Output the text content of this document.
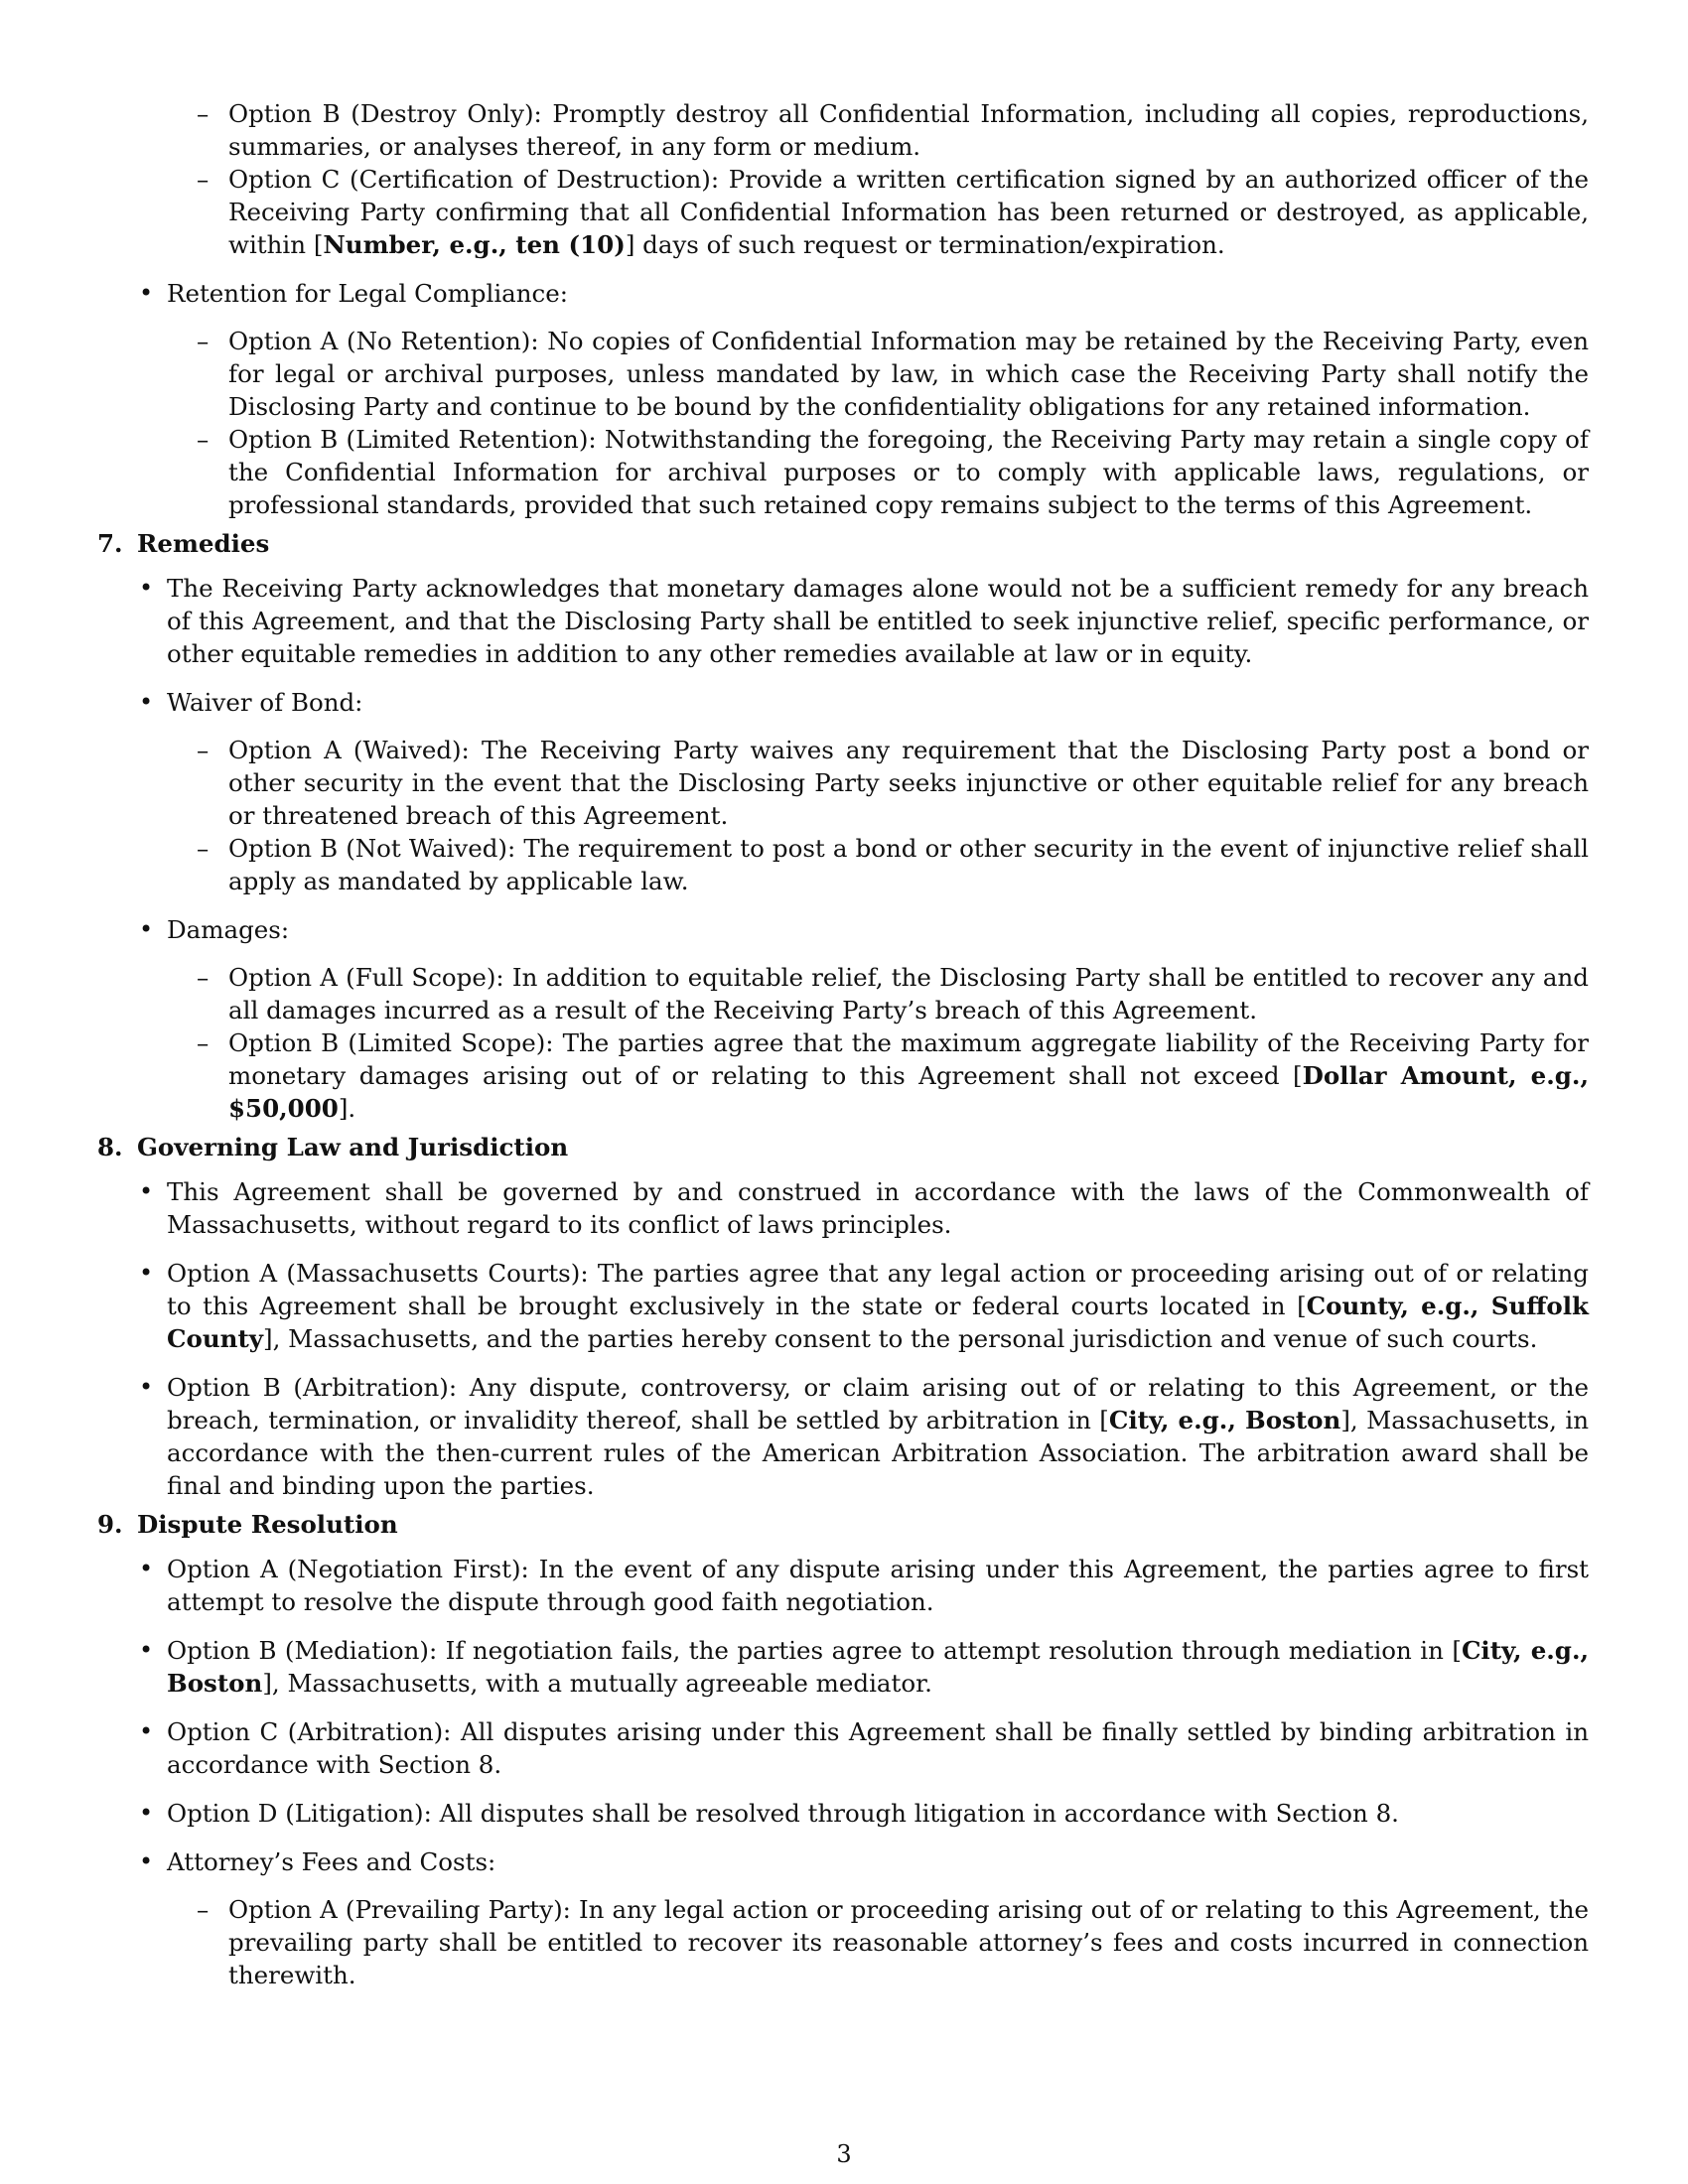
– Option B (Destroy Only): Promptly destroy all Confidential Information, including all copies, reproductions, summaries, or analyses thereof, in any form or medium.
– Option C (Certification of Destruction): Provide a written certification signed by an authorized officer of the Receiving Party confirming that all Confidential Information has been returned or destroyed, as applicable, within [Number, e.g., ten (10)] days of such request or termination/expiration.
• Retention for Legal Compliance:
– Option A (No Retention): No copies of Confidential Information may be retained by the Receiving Party, even for legal or archival purposes, unless mandated by law, in which case the Receiving Party shall notify the Disclosing Party and continue to be bound by the confidentiality obligations for any retained information.
– Option B (Limited Retention): Notwithstanding the foregoing, the Receiving Party may retain a single copy of the Confidential Information for archival purposes or to comply with applicable laws, regulations, or professional standards, provided that such retained copy remains subject to the terms of this Agreement.
7. Remedies
• The Receiving Party acknowledges that monetary damages alone would not be a sufficient remedy for any breach of this Agreement, and that the Disclosing Party shall be entitled to seek injunctive relief, specific performance, or other equitable remedies in addition to any other remedies available at law or in equity.
• Waiver of Bond:
– Option A (Waived): The Receiving Party waives any requirement that the Disclosing Party post a bond or other security in the event that the Disclosing Party seeks injunctive or other equitable relief for any breach or threatened breach of this Agreement.
– Option B (Not Waived): The requirement to post a bond or other security in the event of injunctive relief shall apply as mandated by applicable law.
• Damages:
– Option A (Full Scope): In addition to equitable relief, the Disclosing Party shall be entitled to recover any and all damages incurred as a result of the Receiving Party’s breach of this Agreement.
– Option B (Limited Scope): The parties agree that the maximum aggregate liability of the Receiving Party for monetary damages arising out of or relating to this Agreement shall not exceed [Dollar Amount, e.g., $50,000].
8. Governing Law and Jurisdiction
• This Agreement shall be governed by and construed in accordance with the laws of the Commonwealth of Massachusetts, without regard to its conflict of laws principles.
• Option A (Massachusetts Courts): The parties agree that any legal action or proceeding arising out of or relating to this Agreement shall be brought exclusively in the state or federal courts located in [County, e.g., Suffolk County], Massachusetts, and the parties hereby consent to the personal jurisdiction and venue of such courts.
• Option B (Arbitration): Any dispute, controversy, or claim arising out of or relating to this Agreement, or the breach, termination, or invalidity thereof, shall be settled by arbitration in [City, e.g., Boston], Massachusetts, in accordance with the then-current rules of the American Arbitration Association. The arbitration award shall be final and binding upon the parties.
9. Dispute Resolution
• Option A (Negotiation First): In the event of any dispute arising under this Agreement, the parties agree to first attempt to resolve the dispute through good faith negotiation.
• Option B (Mediation): If negotiation fails, the parties agree to attempt resolution through mediation in [City, e.g., Boston], Massachusetts, with a mutually agreeable mediator.
• Option C (Arbitration): All disputes arising under this Agreement shall be finally settled by binding arbitration in accordance with Section 8.
• Option D (Litigation): All disputes shall be resolved through litigation in accordance with Section 8.
• Attorney’s Fees and Costs:
– Option A (Prevailing Party): In any legal action or proceeding arising out of or relating to this Agreement, the prevailing party shall be entitled to recover its reasonable attorney’s fees and costs incurred in connection therewith.
3
